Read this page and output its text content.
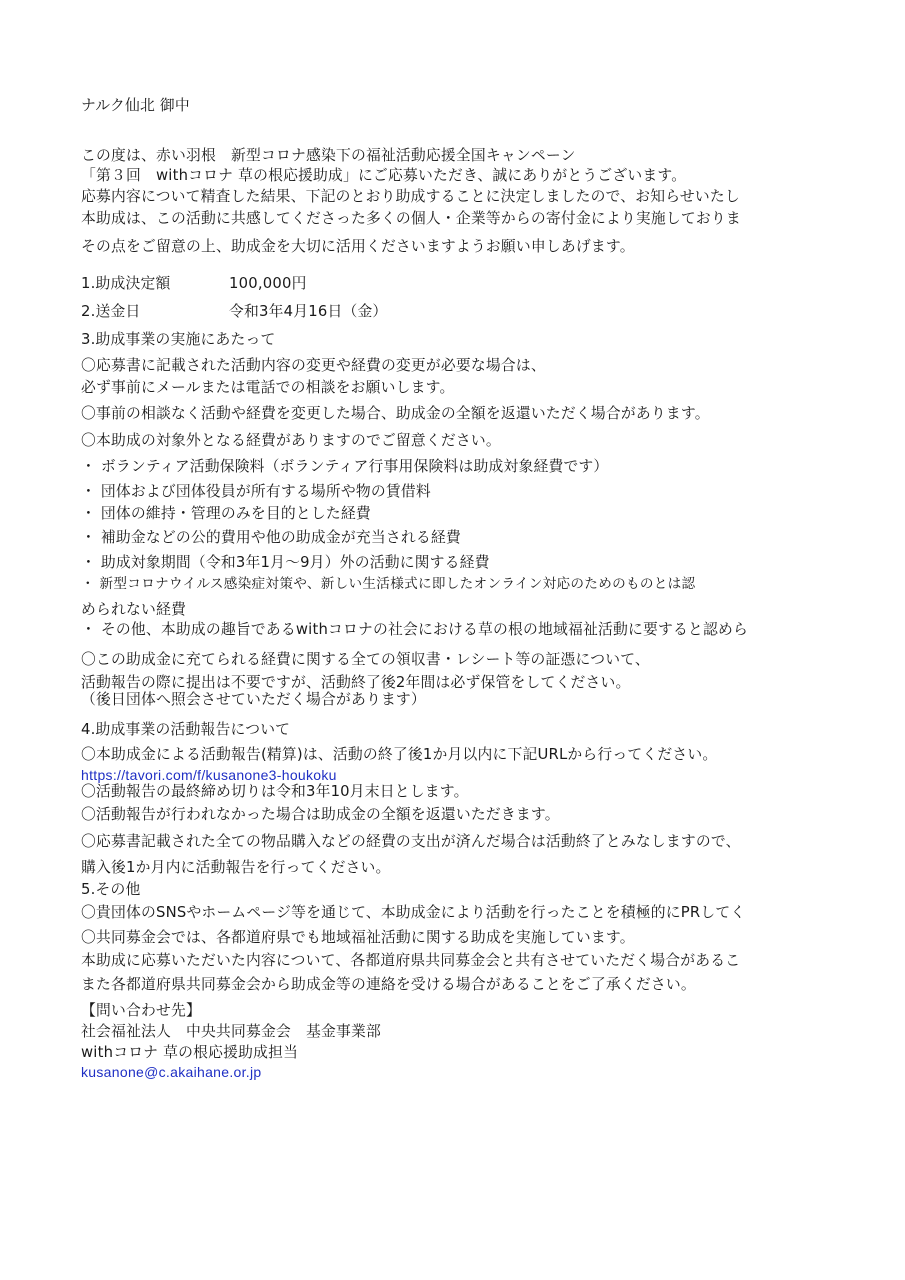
ナルク仙北 御中
この度は、赤い羽根　新型コロナ感染下の福祉活動応援全国キャンペーン
「第３回　withコロナ 草の根応援助成」にご応募いただき、誠にありがとうございます。
応募内容について精査した結果、下記のとおり助成することに決定しましたので、お知らせいたし
本助成は、この活動に共感してくださった多くの個人・企業等からの寄付金により実施しておりま
その点をご留意の上、助成金を大切に活用くださいますようお願い申しあげます。
1.助成決定額	100,000円
2.送金日	令和3年4月16日（金）
3.助成事業の実施にあたって
〇応募書に記載された活動内容の変更や経費の変更が必要な場合は、
必ず事前にメールまたは電話での相談をお願いします。
〇事前の相談なく活動や経費を変更した場合、助成金の全額を返還いただく場合があります。
〇本助成の対象外となる経費がありますのでご留意ください。
・ ボランティア活動保険料（ボランティア行事用保険料は助成対象経費です）
・ 団体および団体役員が所有する場所や物の賃借料
・ 団体の維持・管理のみを目的とした経費
・ 補助金などの公的費用や他の助成金が充当される経費
・ 助成対象期間（令和3年1月～9月）外の活動に関する経費
・ 新型コロナウイルス感染症対策や、新しい生活様式に即したオンライン対応のためのものとは認
められない経費
・ その他、本助成の趣旨であるwithコロナの社会における草の根の地域福祉活動に要すると認めら
〇この助成金に充てられる経費に関する全ての領収書・レシート等の証憑について、
活動報告の際に提出は不要ですが、活動終了後2年間は必ず保管をしてください。
（後日団体へ照会させていただく場合があります）
4.助成事業の活動報告について
〇本助成金による活動報告(精算)は、活動の終了後1か月以内に下記URLから行ってください。
https://tavori.com/f/kusanone3-houkoku
〇活動報告の最終締め切りは令和3年10月末日とします。
〇活動報告が行われなかった場合は助成金の全額を返還いただきます。
〇応募書記載された全ての物品購入などの経費の支出が済んだ場合は活動終了とみなしますので、
購入後1か月内に活動報告を行ってください。
5.その他
〇貴団体のSNSやホームページ等を通じて、本助成金により活動を行ったことを積極的にPRしてく
〇共同募金会では、各都道府県でも地域福祉活動に関する助成を実施しています。
本助成に応募いただいた内容について、各都道府県共同募金会と共有させていただく場合があるこ
また各都道府県共同募金会から助成金等の連絡を受ける場合があることをご了承ください。
【問い合わせ先】
社会福祉法人　中央共同募金会　基金事業部
withコロナ 草の根応援助成担当
kusanone@c.akaihane.or.jp
